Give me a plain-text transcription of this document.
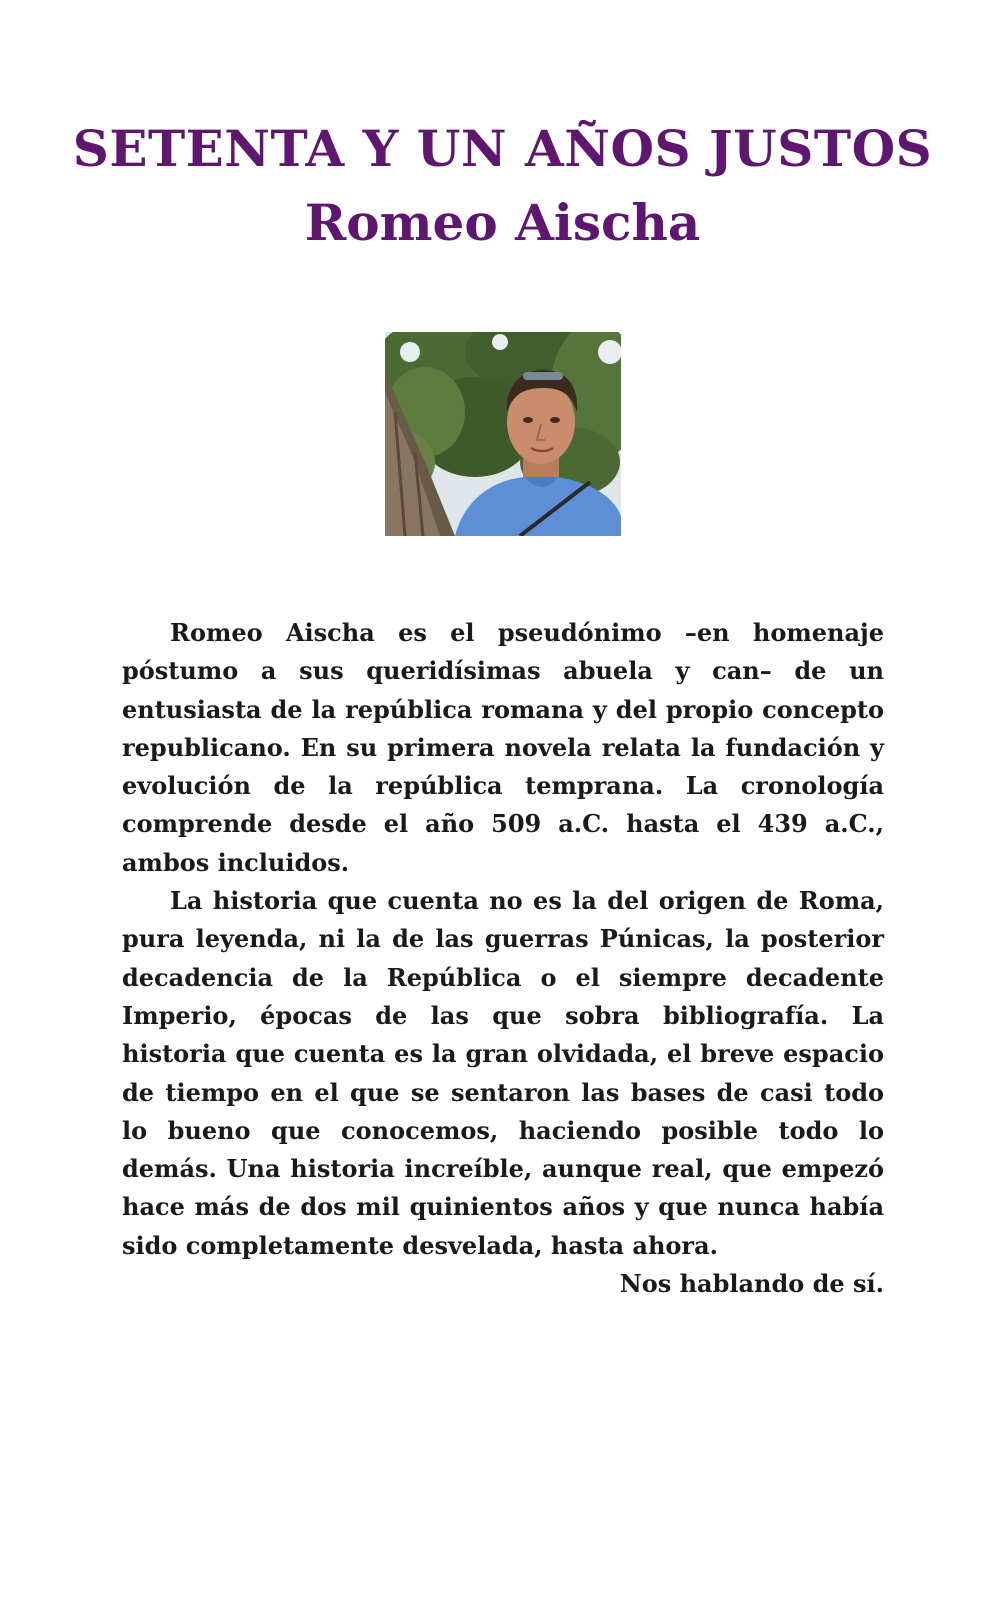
SETENTA Y UN AÑOS JUSTOS
Romeo Aischa

Romeo Aischa es el pseudónimo –en homenaje póstumo a sus queridísimas abuela y can– de un entusiasta de la república romana y del propio concepto republicano. En su primera novela relata la fundación y evolución de la república temprana. La cronología comprende desde el año 509 a.C. hasta el 439 a.C., ambos incluidos.

La historia que cuenta no es la del origen de Roma, pura leyenda, ni la de las guerras Púnicas, la posterior decadencia de la República o el siempre decadente Imperio, épocas de las que sobra bibliografía. La historia que cuenta es la gran olvidada, el breve espacio de tiempo en el que se sentaron las bases de casi todo lo bueno que conocemos, haciendo posible todo lo demás. Una historia increíble, aunque real, que empezó hace más de dos mil quinientos años y que nunca había sido completamente desvelada, hasta ahora.

Nos hablando de sí.
